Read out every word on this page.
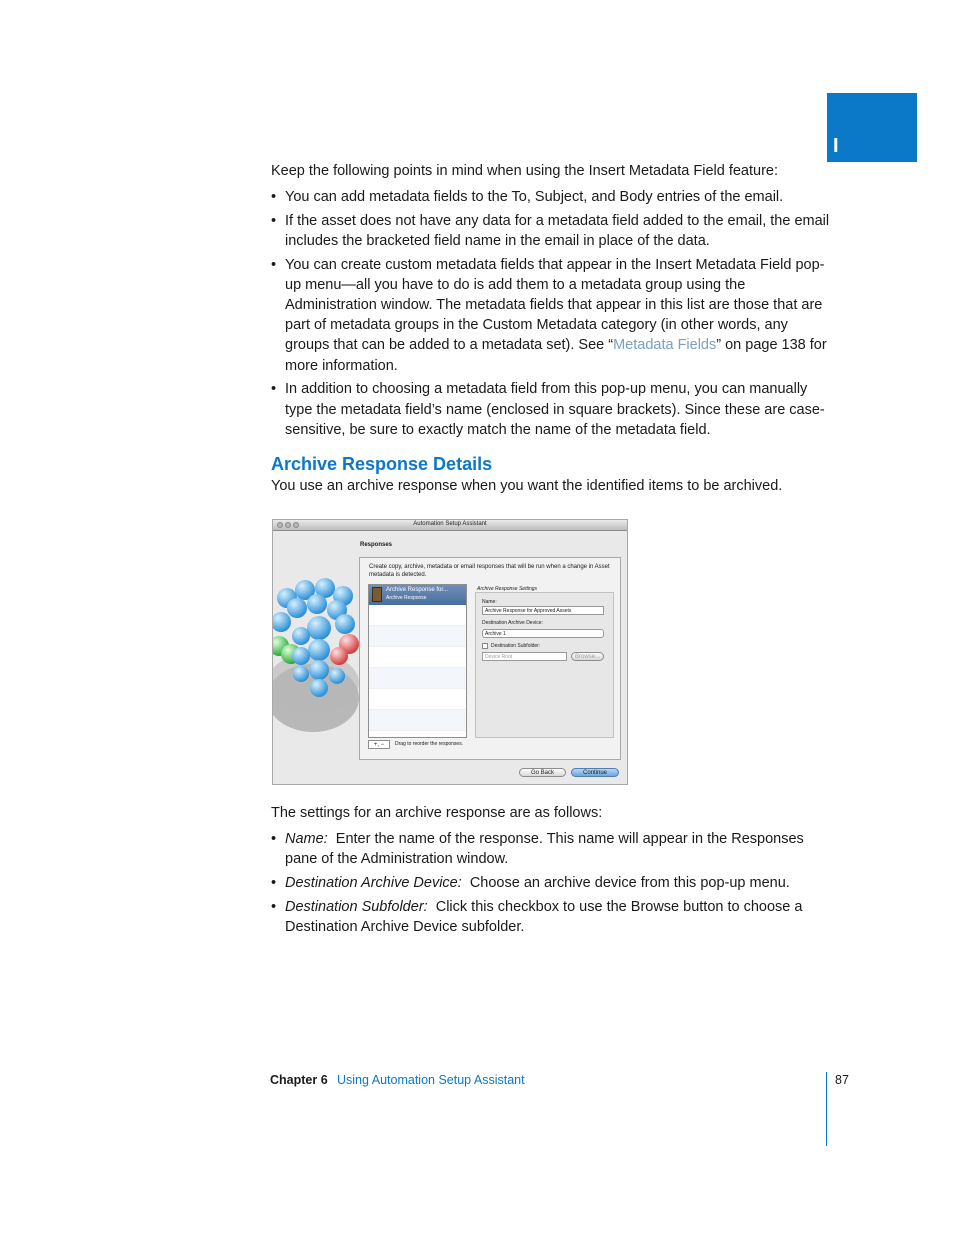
I
Keep the following points in mind when using the Insert Metadata Field feature:
• You can add metadata fields to the To, Subject, and Body entries of the email.
• If the asset does not have any data for a metadata field added to the email, the email includes the bracketed field name in the email in place of the data.
• You can create custom metadata fields that appear in the Insert Metadata Field pop-up menu—all you have to do is add them to a metadata group using the Administration window. The metadata fields that appear in this list are those that are part of metadata groups in the Custom Metadata category (in other words, any groups that can be added to a metadata set). See “Metadata Fields” on page 138 for more information.
• In addition to choosing a metadata field from this pop-up menu, you can manually type the metadata field’s name (enclosed in square brackets). Since these are case-sensitive, be sure to exactly match the name of the metadata field.
Archive Response Details
You use an archive response when you want the identified items to be archived.
Automation Setup Assistant
Responses
Create copy, archive, metadata or email responses that will be run when a change in Asset metadata is detected.
Archive Response for...
Archive Response
+, −	Drag to reorder the responses.
Archive Response Settings
Name:
Archive Response for Approved Assets
Destination Archive Device:
Archive 1
Destination Subfolder:
Device Root	Browse...
Go Back	Continue
The settings for an archive response are as follows:
• Name: Enter the name of the response. This name will appear in the Responses pane of the Administration window.
• Destination Archive Device: Choose an archive device from this pop-up menu.
• Destination Subfolder: Click this checkbox to use the Browse button to choose a Destination Archive Device subfolder.
Chapter 6 Using Automation Setup Assistant	87
